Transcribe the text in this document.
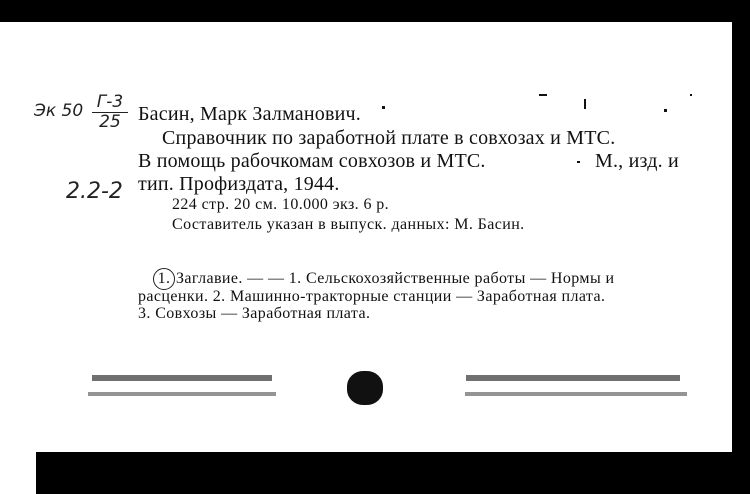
Эк 50 Г-3
25
2.2-2
Басин, Марк Залманович.
Справочник по заработной плате в совхозах и МТС.
В помощь рабочкомам совхозов и МТС.	М., изд. и
тип. Профиздата, 1944.
224 стр. 20 см. 10.000 экз. 6 р.
Составитель указан в выпуск. данных: М. Басин.
1. Заглавие. — — 1. Сельскохозяйственные работы — Нормы и
расценки. 2. Машинно-тракторные станции — Заработная плата.
3. Совхозы — Заработная плата.
